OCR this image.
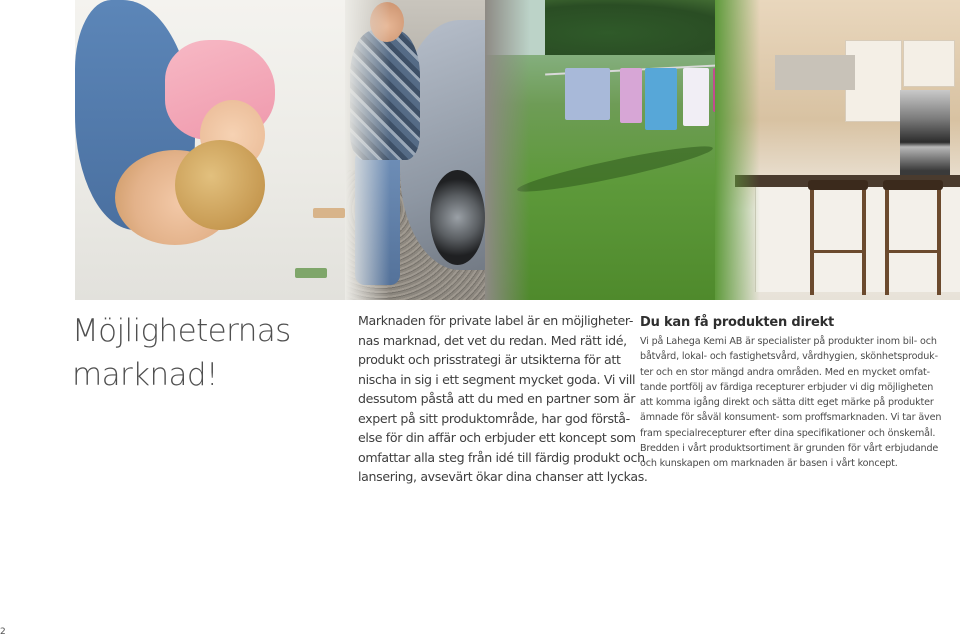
Möjligheternas
marknad!
Marknaden för private label är en möjligheter-
nas marknad, det vet du redan. Med rätt idé,
produkt och prisstrategi är utsikterna för att
nischa in sig i ett segment mycket goda. Vi vill
dessutom påstå att du med en partner som är
expert på sitt produktområde, har god förstå-
else för din affär och erbjuder ett koncept som
omfattar alla steg från idé till färdig produkt och
lansering, avsevärt ökar dina chanser att lyckas.
Du kan få produkten direkt
Vi på Lahega Kemi AB är specialister på produkter inom bil- och
båtvård, lokal- och fastighetsvård, vårdhygien, skönhetsproduk-
ter och en stor mängd andra områden. Med en mycket omfat-
tande portfölj av färdiga recepturer erbjuder vi dig möjligheten
att komma igång direkt och sätta ditt eget märke på produkter
ämnade för såväl konsument- som proffsmarknaden. Vi tar även
fram specialrecepturer efter dina specifikationer och önskemål.
Bredden i vårt produktsortiment är grunden för vårt erbjudande
och kunskapen om marknaden är basen i vårt koncept.
2
